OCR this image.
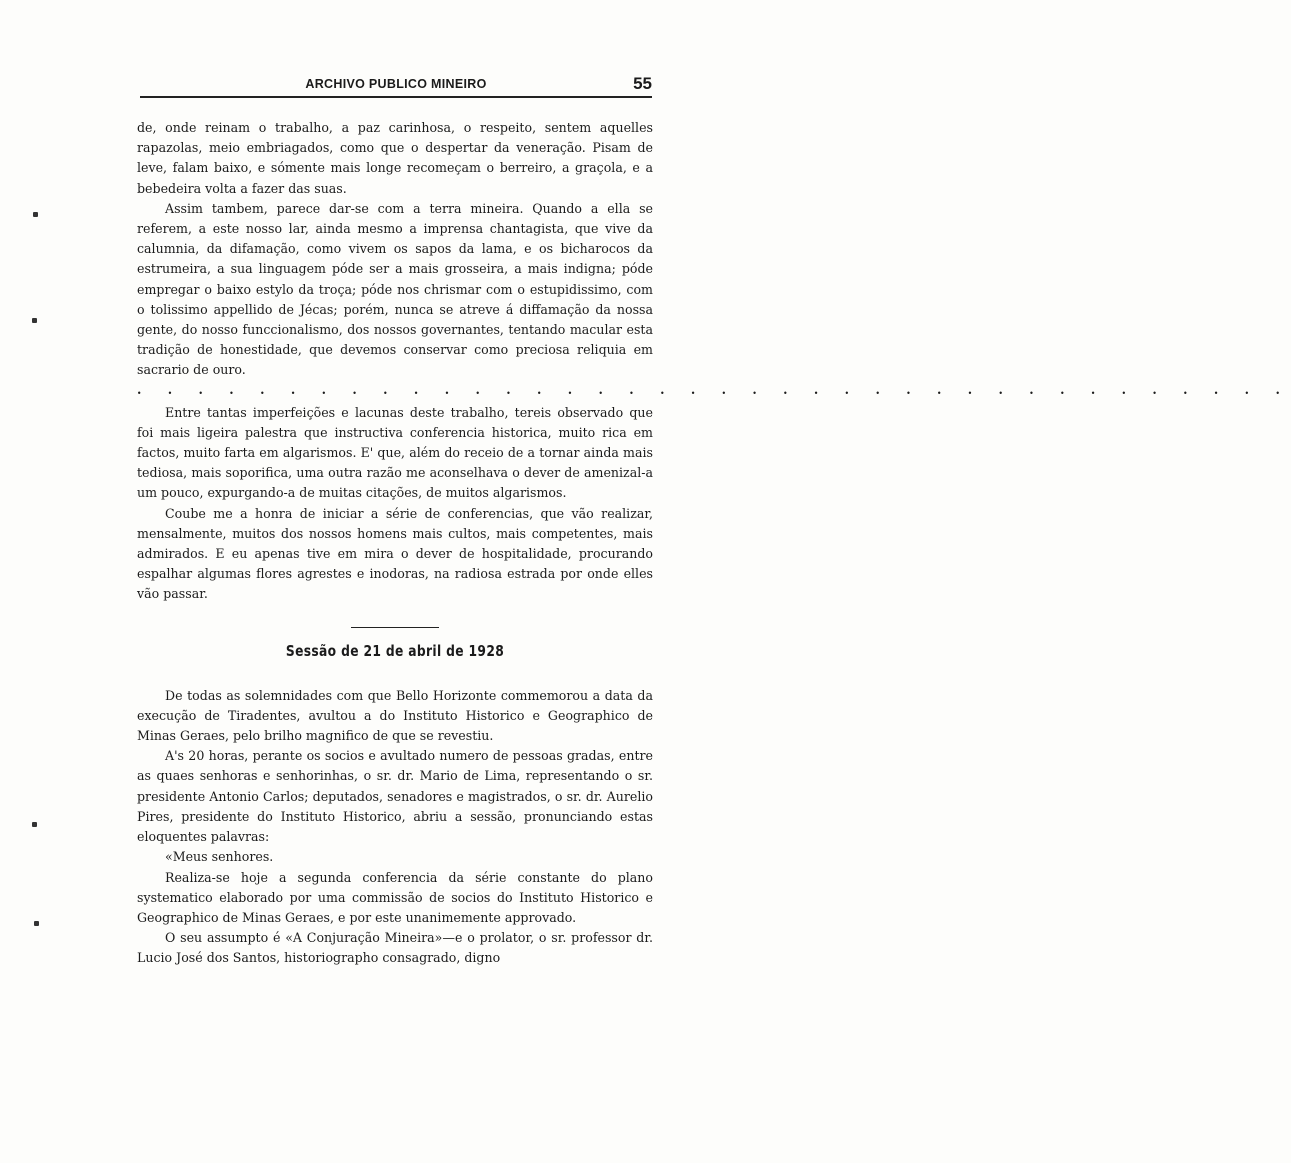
ARCHIVO PUBLICO MINEIRO	55

de, onde reinam o trabalho, a paz carinhosa, o respeito, sentem aquelles rapazolas, meio embriagados, como que o despertar da veneração. Pisam de leve, falam baixo, e sómente mais longe recomeçam o berreiro, a graçola, e a bebedeira volta a fazer das suas.

Assim tambem, parece dar-se com a terra mineira. Quando a ella se referem, a este nosso lar, ainda mesmo a imprensa chantagista, que vive da calumnia, da difamação, como vivem os sapos da lama, e os bicharocos da estrumeira, a sua linguagem póde ser a mais grosseira, a mais indigna; póde empregar o baixo estylo da troça; póde nos chrismar com o estupidissimo, com o tolissimo appellido de Jécas; porém, nunca se atreve á diffamação da nossa gente, do nosso funccionalismo, dos nossos governantes, tentando macular esta tradição de honestidade, que devemos conservar como preciosa reliquia em sacrario de ouro.

. . . . . . . . . . . . . . . . . . . . . . . . . . . . . . . . . . . . . .

Entre tantas imperfeições e lacunas deste trabalho, tereis observado que foi mais ligeira palestra que instructiva conferencia historica, muito rica em factos, muito farta em algarismos. E' que, além do receio de a tornar ainda mais tediosa, mais soporifica, uma outra razão me aconselhava o dever de amenizal-a um pouco, expurgando-a de muitas citações, de muitos algarismos.

Coube me a honra de iniciar a série de conferencias, que vão realizar, mensalmente, muitos dos nossos homens mais cultos, mais competentes, mais admirados. E eu apenas tive em mira o dever de hospitalidade, procurando espalhar algumas flores agrestes e inodoras, na radiosa estrada por onde elles vão passar.

Sessão de 21 de abril de 1928

De todas as solemnidades com que Bello Horizonte commemorou a data da execução de Tiradentes, avultou a do Instituto Historico e Geographico de Minas Geraes, pelo brilho magnifico de que se revestiu.

A's 20 horas, perante os socios e avultado numero de pessoas gradas, entre as quaes senhoras e senhorinhas, o sr. dr. Mario de Lima, representando o sr. presidente Antonio Carlos; deputados, senadores e magistrados, o sr. dr. Aurelio Pires, presidente do Instituto Historico, abriu a sessão, pronunciando estas eloquentes palavras:

«Meus senhores.

Realiza-se hoje a segunda conferencia da série constante do plano systematico elaborado por uma commissão de socios do Instituto Historico e Geographico de Minas Geraes, e por este unanimemente approvado.

O seu assumpto é «A Conjuração Mineira»—e o prolator, o sr. professor dr. Lucio José dos Santos, historiographo consagrado, digno
